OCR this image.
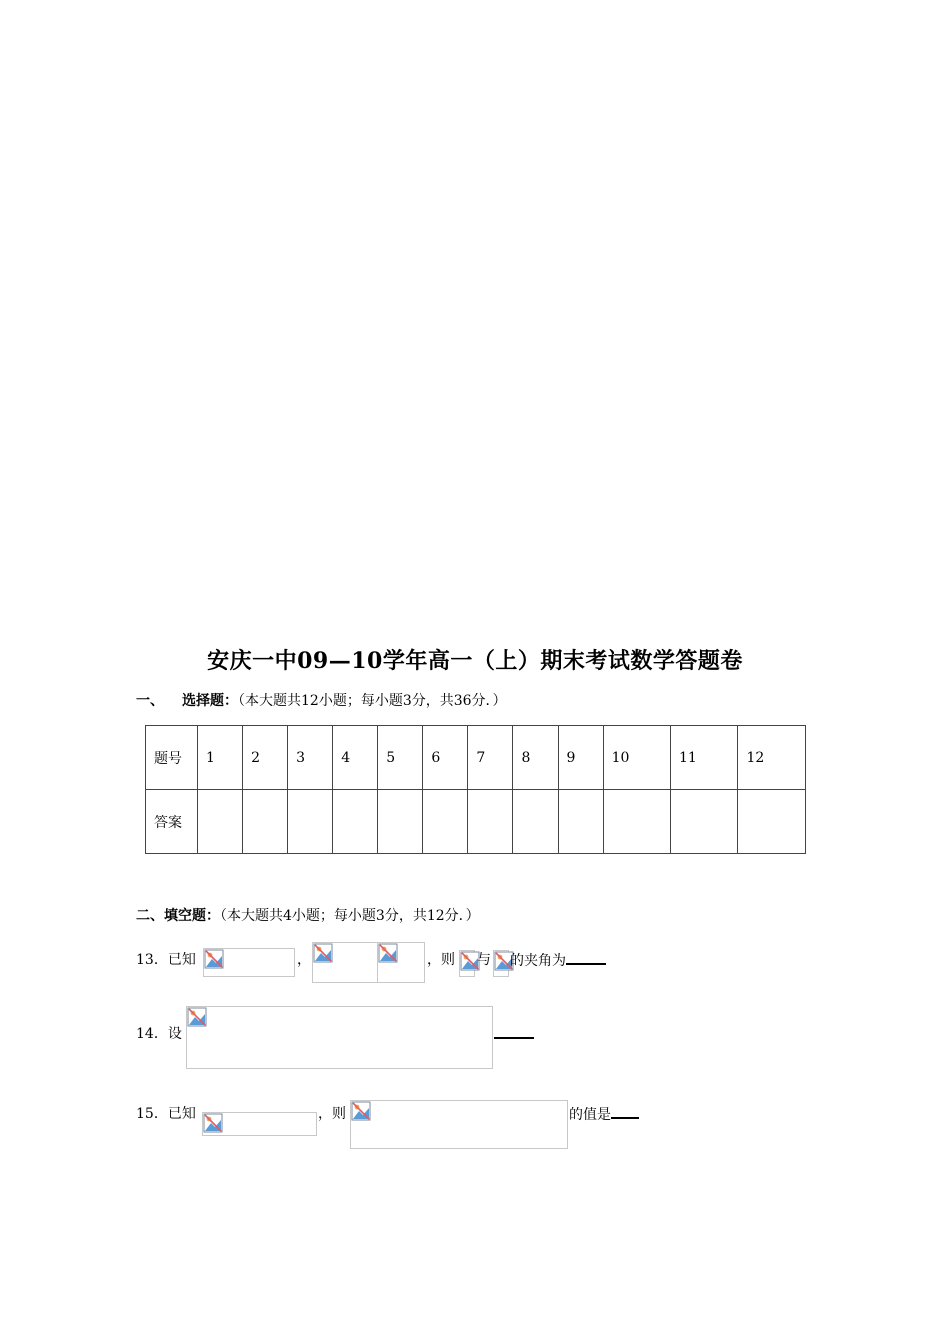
安庆一中09—10学年高一（上）期末考试数学答题卷
一、 选择题：（本大题共12小题；每小题3分，共36分．）
题号	1	2	3	4	5	6	7	8	9	10	11	12
答案												
二、填空题：（本大题共4小题；每小题3分，共12分．）
13．已知	，	，则 与 的夹角为
14．设
15．已知	，则	的值是
